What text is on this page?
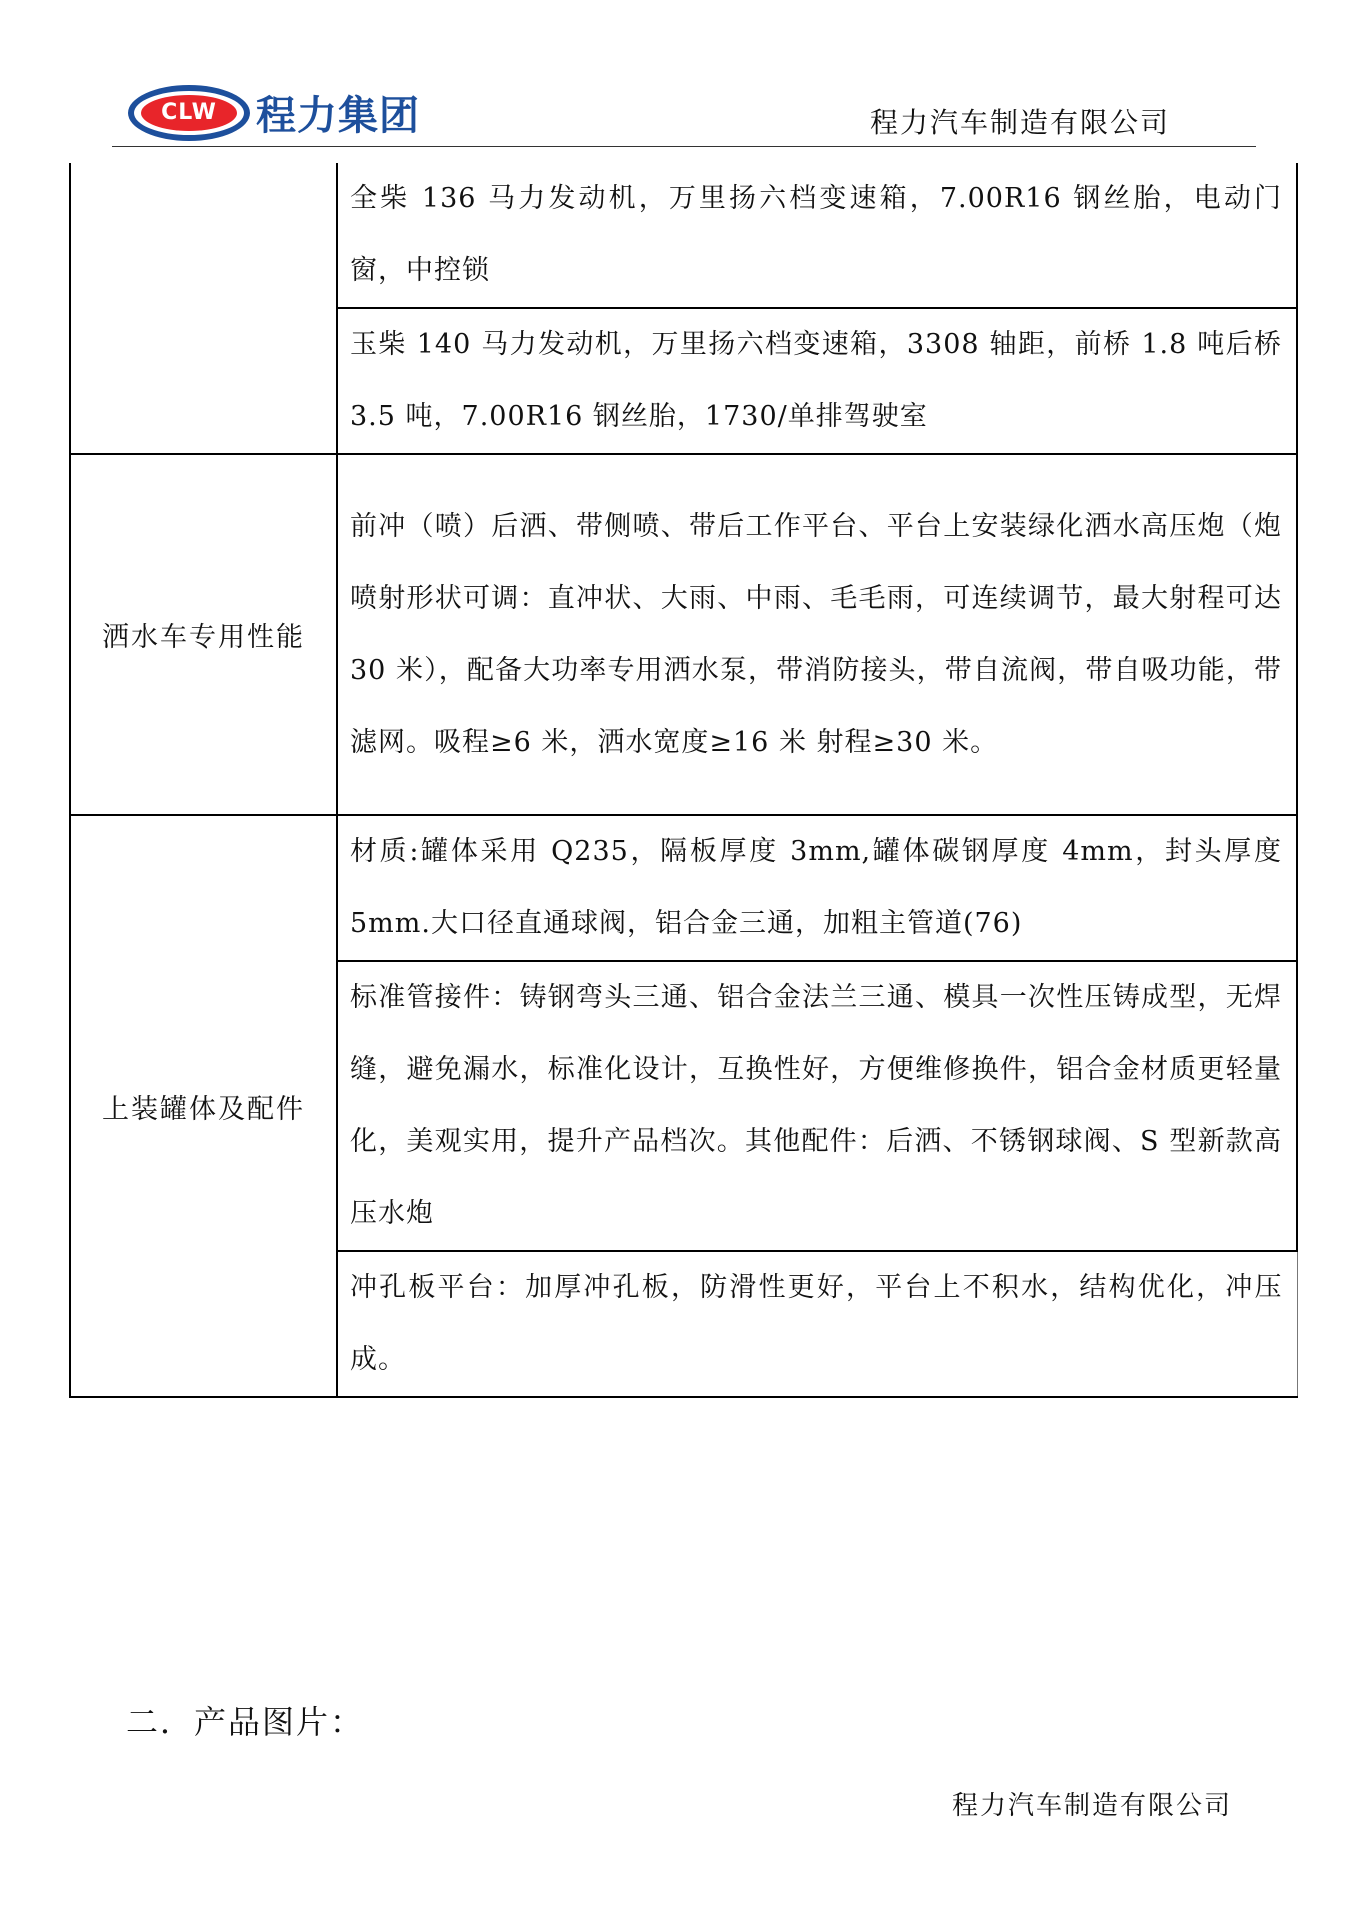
CLW 程力集团	程力汽车制造有限公司
	全柴 136 马力发动机，万里扬六档变速箱，7.00R16 钢丝胎，电动门窗，中控锁
	玉柴 140 马力发动机，万里扬六档变速箱，3308 轴距，前桥 1.8 吨后桥 3.5 吨，7.00R16 钢丝胎，1730/单排驾驶室
洒水车专用性能	前冲（喷）后洒、带侧喷、带后工作平台、平台上安装绿化洒水高压炮（炮喷射形状可调：直冲状、大雨、中雨、毛毛雨，可连续调节，最大射程可达 30 米），配备大功率专用洒水泵，带消防接头，带自流阀，带自吸功能，带滤网。吸程≥6 米，洒水宽度≥16 米 射程≥30 米。
上装罐体及配件	材质:罐体采用 Q235，隔板厚度 3mm,罐体碳钢厚度 4mm，封头厚度 5mm.大口径直通球阀，铝合金三通，加粗主管道(76)
	标准管接件：铸钢弯头三通、铝合金法兰三通、模具一次性压铸成型，无焊缝，避免漏水，标准化设计，互换性好，方便维修换件，铝合金材质更轻量化，美观实用，提升产品档次。其他配件：后洒、不锈钢球阀、S 型新款高压水炮
	冲孔板平台：加厚冲孔板，防滑性更好，平台上不积水，结构优化，冲压成。
二．产品图片：
程力汽车制造有限公司
